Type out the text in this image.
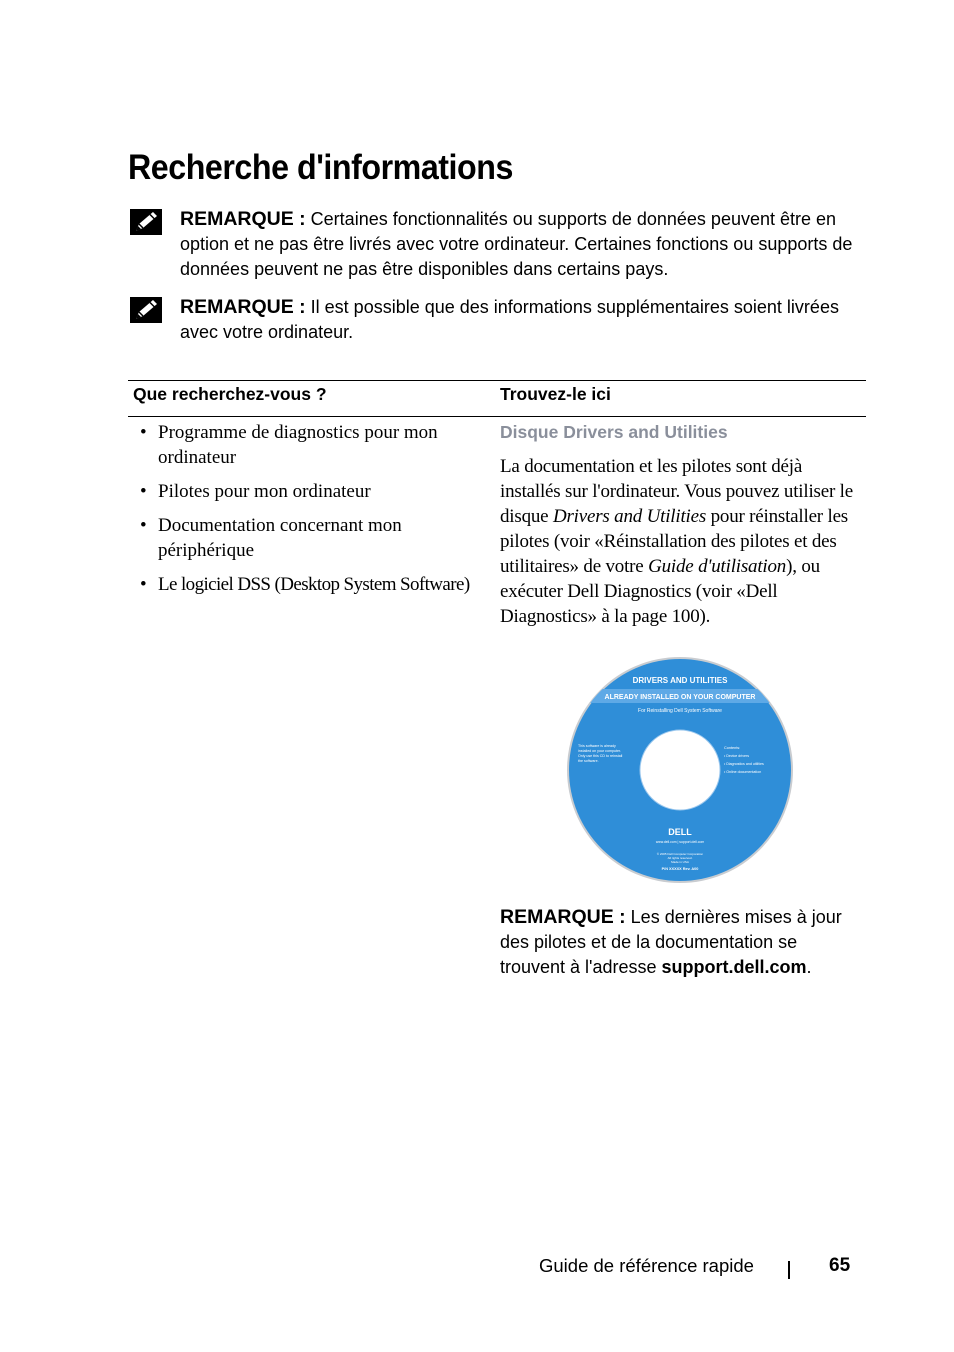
Recherche d'informations
REMARQUE : Certaines fonctionnalités ou supports de données peuvent être en option et ne pas être livrés avec votre ordinateur. Certaines fonctions ou supports de données peuvent ne pas être disponibles dans certains pays.
REMARQUE : Il est possible que des informations supplémentaires soient livrées avec votre ordinateur.
Que recherchez-vous ?	Trouvez-le ici
• Programme de diagnostics pour mon ordinateur
• Pilotes pour mon ordinateur
• Documentation concernant mon périphérique
• Le logiciel DSS (Desktop System Software)
Disque Drivers and Utilities
La documentation et les pilotes sont déjà installés sur l'ordinateur. Vous pouvez utiliser le disque Drivers and Utilities pour réinstaller les pilotes (voir «Réinstallation des pilotes et des utilitaires» de votre Guide d'utilisation), ou exécuter Dell Diagnostics (voir «Dell Diagnostics» à la page 100).
DRIVERS AND UTILITIES
ALREADY INSTALLED ON YOUR COMPUTER
For Reinstalling Dell System Software
This software is already
installed on your computer.
Only use this CD to reinstall
the software.
Contents:
• Device drivers
• Diagnostics and utilities
• Online documentation
DELL
www.dell.com | support.dell.com
© 2005 Dell Computer Corporation
All rights reserved.
Made in USA
P/N XXXXX Rev. A00
REMARQUE : Les dernières mises à jour des pilotes et de la documentation se trouvent à l'adresse support.dell.com.
Guide de référence rapide	65
